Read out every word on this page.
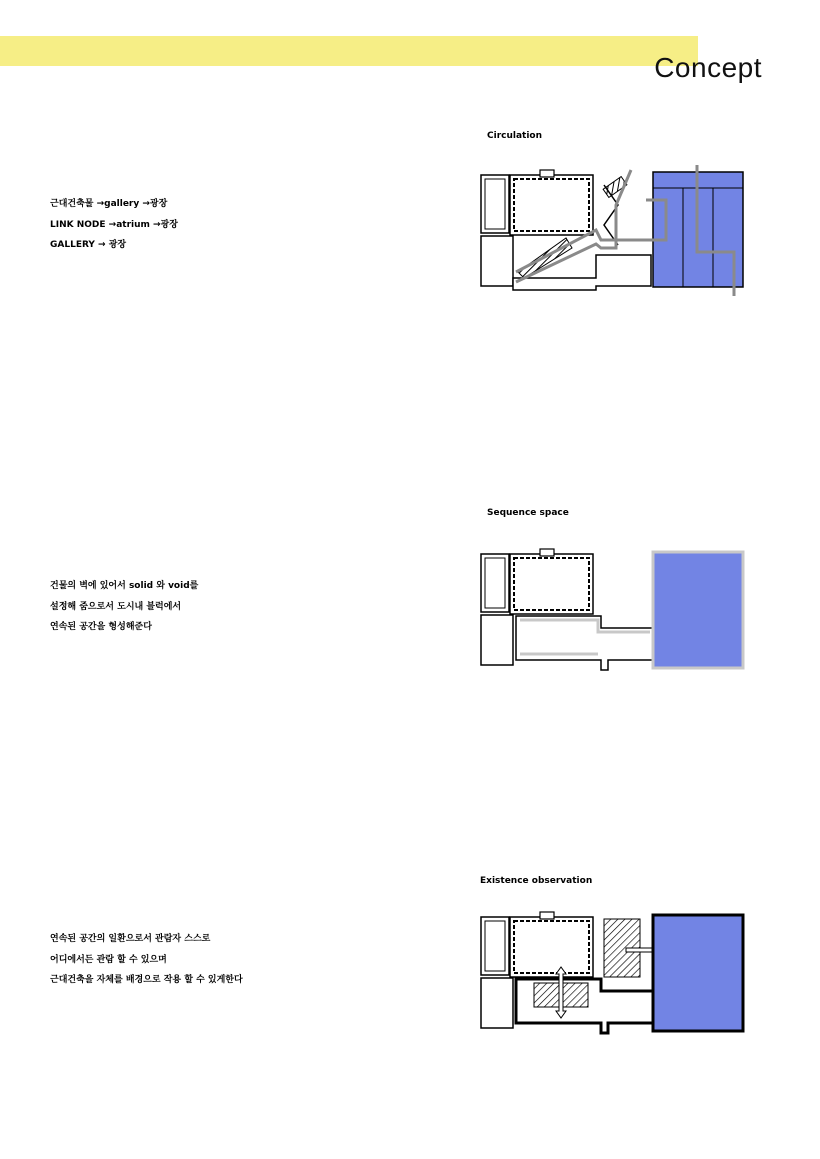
Concept
Circulation
근대건축물 →gallery →광장
LINK NODE →atrium →광장
GALLERY → 광장
Sequence space
건물의 벽에 있어서 solid 와 void를
설정해 줌으로서 도시내 블럭에서
연속된 공간을 형성해준다
Existence observation
연속된 공간의 일환으로서 관람자 스스로
어디에서든 관람 할 수 있으며
근대건축을 자체를 배경으로 작용 할 수 있게한다
